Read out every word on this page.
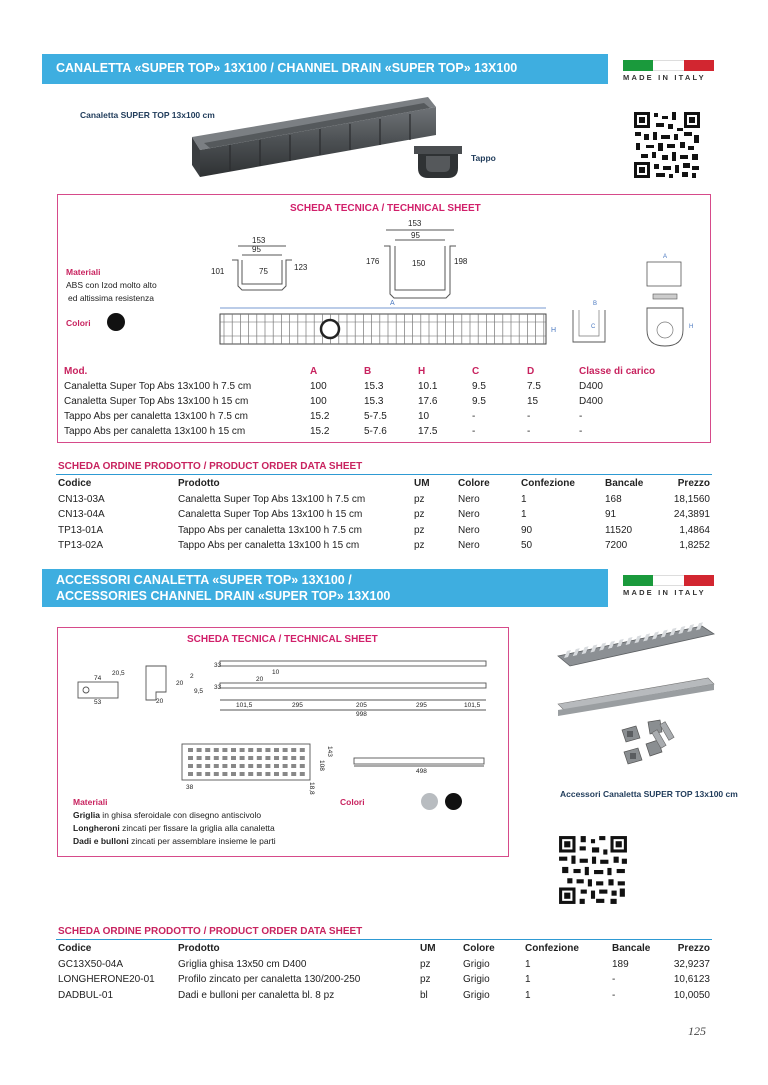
CANALETTA «SUPER TOP» 13X100 / CHANNEL DRAIN «SUPER TOP» 13X100
MADE IN ITALY
Canaletta SUPER TOP 13x100 cm
Tappo
SCHEDA TECNICA / TECHNICAL SHEET

Materiali

ABS con Izod molto alto

ed altissima resistenza

Colori
153
95
75
101	123
153
95
150
176	198
A
H
A
B
C	H
Mod.	A	B	H	C	D	Classe di carico
Canaletta Super Top Abs 13x100 h 7.5 cm	100	15.3	10.1	9.5	7.5	D400
Canaletta Super Top Abs 13x100 h 15 cm	100	15.3	17.6	9.5	15	D400
Tappo Abs per canaletta 13x100 h 7.5 cm	15.2	5-7.5	10	-	-	-
Tappo Abs per canaletta 13x100 h 15 cm	15.2	5-7.6	17.5	-	-	-
SCHEDA ORDINE PRODOTTO / PRODUCT ORDER DATA SHEET
Codice	Prodotto	UM	Colore	Confezione	Bancale	Prezzo
CN13-03A	Canaletta Super Top Abs 13x100 h 7.5 cm	pz	Nero	1	168	18,1560
CN13-04A	Canaletta Super Top Abs 13x100 h 15 cm	pz	Nero	1	91	24,3891
TP13-01A	Tappo Abs per canaletta 13x100 h 7.5 cm	pz	Nero	90	11520	1,4864
TP13-02A	Tappo Abs per canaletta 13x100 h 15 cm	pz	Nero	50	7200	1,8252
ACCESSORI CANALETTA «SUPER TOP» 13X100 /
ACCESSORIES CHANNEL DRAIN «SUPER TOP» 13X100	MADE IN ITALY
SCHEDA TECNICA / TECHNICAL SHEET
74
20,5
53
2
20
20
33
10
20
33
9,5
101,5	295	205	295	101,5
998
38
108
143
18,8
498
Materiali	Colori

Griglia in ghisa sferoidale con disegno antiscivolo

Longheroni zincati per fissare la griglia alla canaletta

Dadi e bulloni zincati per assemblare insieme le parti

Accessori Canaletta SUPER TOP 13x100 cm
SCHEDA ORDINE PRODOTTO / PRODUCT ORDER DATA SHEET
Codice	Prodotto	UM	Colore	Confezione	Bancale	Prezzo
GC13X50-04A	Griglia ghisa 13x50 cm D400	pz	Grigio	1	189	32,9237
LONGHERONE20-01	Profilo zincato per canaletta 130/200-250	pz	Grigio	1	-	10,6123
DADBUL-01	Dadi e bulloni per canaletta bl. 8 pz	bl	Grigio	1	-	10,0050
125
